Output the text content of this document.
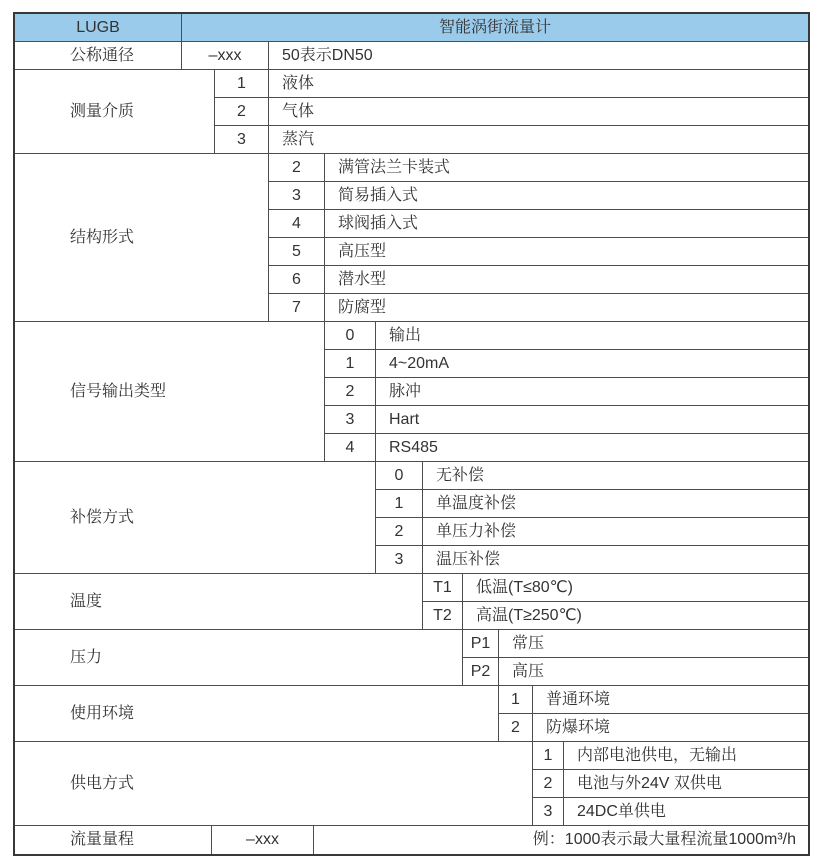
LUGB	智能涡街流量计
公称通径	–xxx	50表示DN50
测量介质
1	液体
2	气体
3	蒸汽
结构形式
2	满管法兰卡装式
3	简易插入式
4	球阀插入式
5	高压型
6	潜水型
7	防腐型
信号输出类型
0	输出
1	4~20mA
2	脉冲
3	Hart
4	RS485
补偿方式
0	无补偿
1	单温度补偿
2	单压力补偿
3	温压补偿
温度
T1	低温(T≤80℃)
T2	高温(T≥250℃)
压力
P1	常压
P2	高压
使用环境
1	普通环境
2	防爆环境
供电方式
1	内部电池供电，无输出
2	电池与外24V 双供电
3	24DC单供电
流量量程	–xxx	例：1000表示最大量程流量1000m³/h
